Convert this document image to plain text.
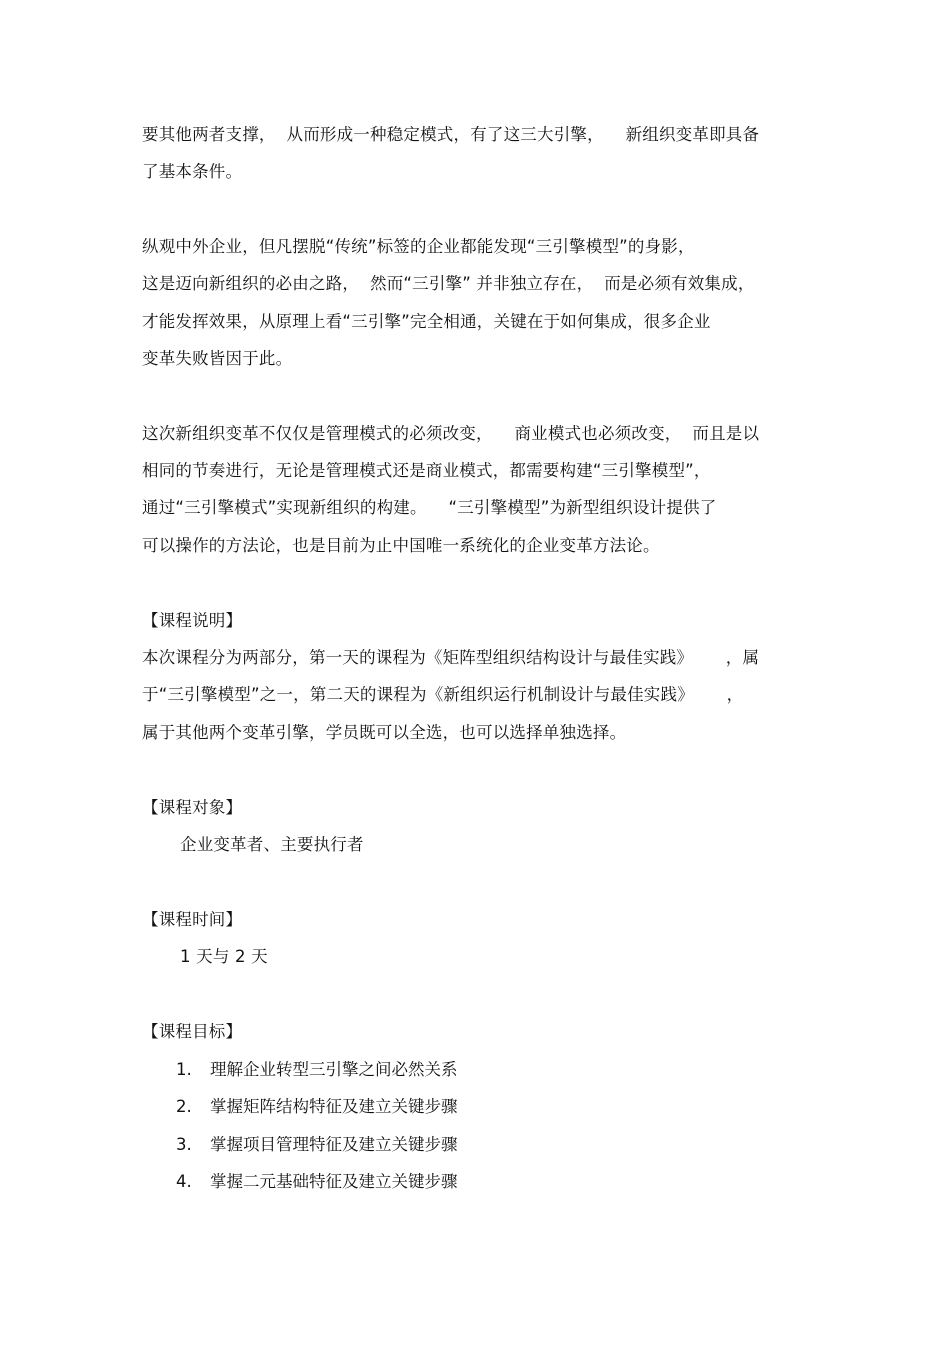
要其他两者支撑，  从而形成一种稳定模式，有了这三大引擎，    新组织变革即具备
了基本条件。
纵观中外企业，但凡摆脱“传统”标签的企业都能发现“三引擎模型”的身影，
这是迈向新组织的必由之路，  然而“三引擎” 并非独立存在，  而是必须有效集成，
才能发挥效果，从原理上看“三引擎”完全相通，关键在于如何集成，很多企业
变革失败皆因于此。
这次新组织变革不仅仅是管理模式的必须改变，    商业模式也必须改变，  而且是以
相同的节奏进行，无论是管理模式还是商业模式，都需要构建“三引擎模型”，
通过“三引擎模式”实现新组织的构建。    “三引擎模型”为新型组织设计提供了
可以操作的方法论，也是目前为止中国唯一系统化的企业变革方法论。
【课程说明】
本次课程分为两部分，第一天的课程为《矩阵型组织结构设计与最佳实践》      ，属
于“三引擎模型”之一，第二天的课程为《新组织运行机制设计与最佳实践》      ，
属于其他两个变革引擎，学员既可以全选，也可以选择单独选择。
【课程对象】
企业变革者、主要执行者
【课程时间】
1 天与 2 天
【课程目标】
1. 理解企业转型三引擎之间必然关系
2. 掌握矩阵结构特征及建立关键步骤
3. 掌握项目管理特征及建立关键步骤
4. 掌握二元基础特征及建立关键步骤
